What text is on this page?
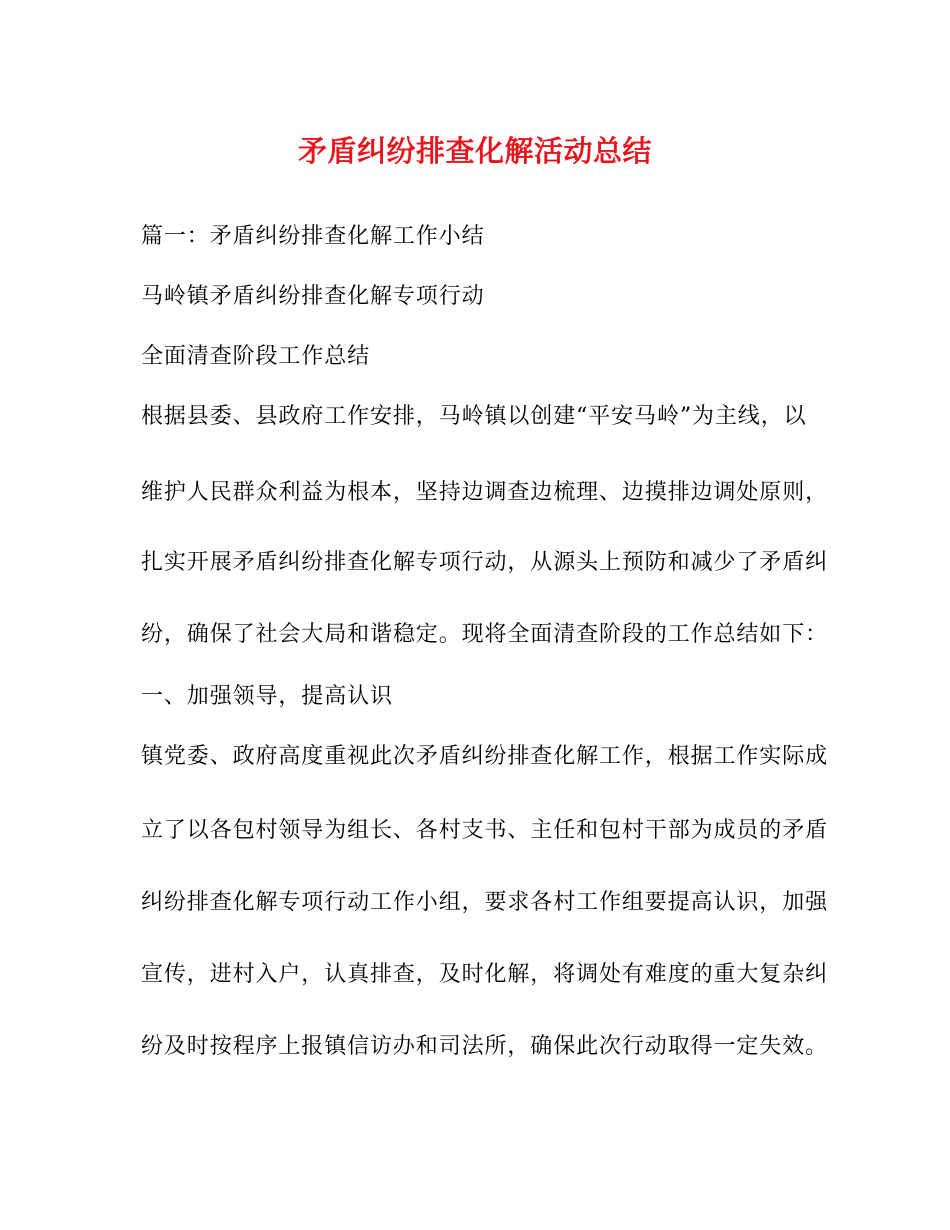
矛盾纠纷排查化解活动总结
篇一：矛盾纠纷排查化解工作小结
马岭镇矛盾纠纷排查化解专项行动
全面清查阶段工作总结
根据县委、县政府工作安排，马岭镇以创建“平安马岭”为主线，以
维护人民群众利益为根本，坚持边调查边梳理、边摸排边调处原则，
扎实开展矛盾纠纷排查化解专项行动，从源头上预防和减少了矛盾纠
纷，确保了社会大局和谐稳定。现将全面清查阶段的工作总结如下：
一、加强领导，提高认识
镇党委、政府高度重视此次矛盾纠纷排查化解工作，根据工作实际成
立了以各包村领导为组长、各村支书、主任和包村干部为成员的矛盾
纠纷排查化解专项行动工作小组，要求各村工作组要提高认识，加强
宣传，进村入户，认真排查，及时化解，将调处有难度的重大复杂纠
纷及时按程序上报镇信访办和司法所，确保此次行动取得一定失效。
